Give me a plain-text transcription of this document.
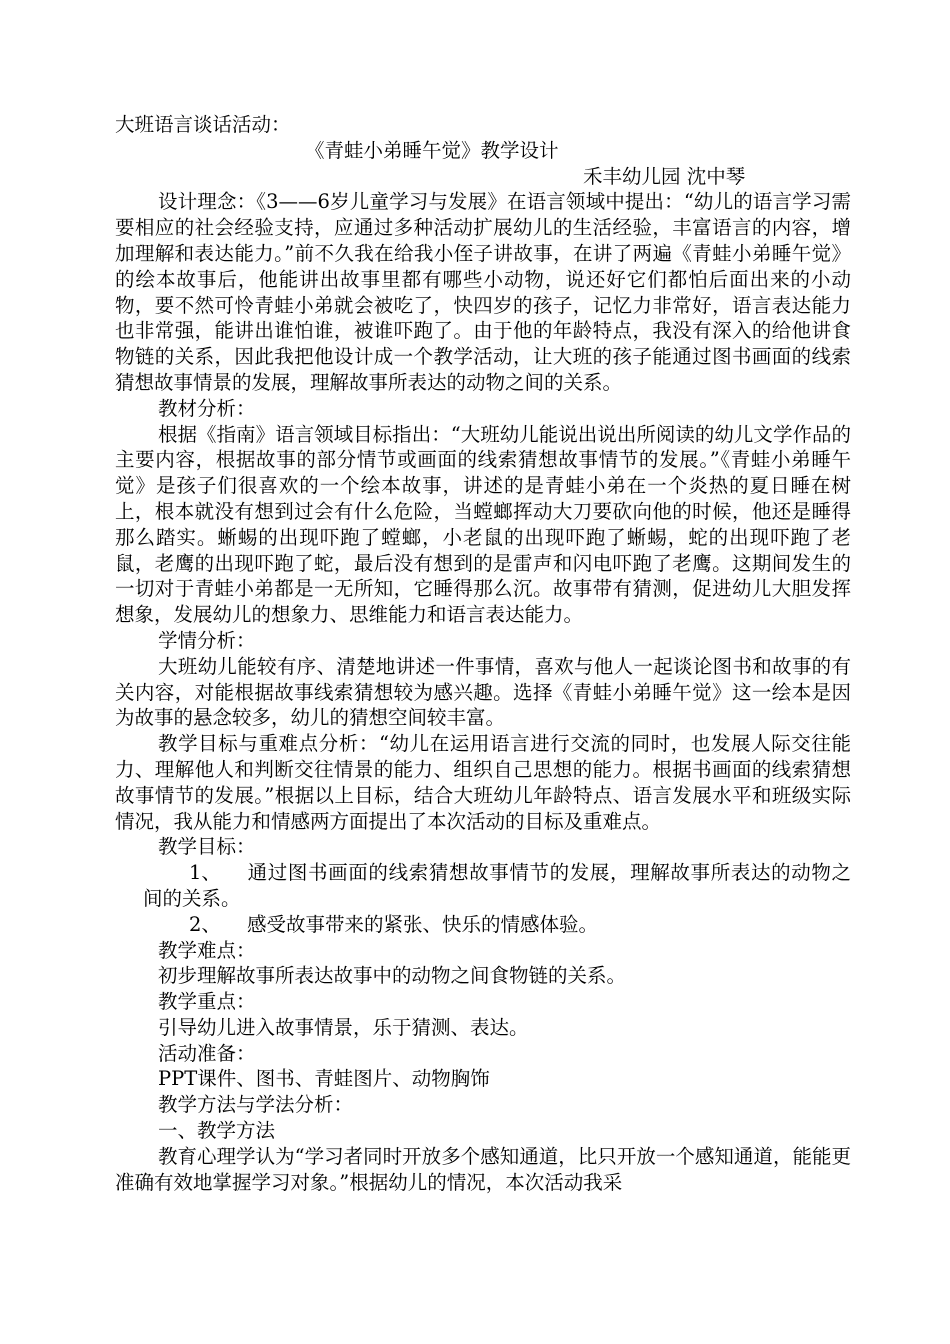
大班语言谈话活动：

《青蛙小弟睡午觉》教学设计

禾丰幼儿园 沈中琴

设计理念：《3——6岁儿童学习与发展》在语言领域中提出：“幼儿的语言学习需要相应的社会经验支持，应通过多种活动扩展幼儿的生活经验，丰富语言的内容，增加理解和表达能力。”前不久我在给我小侄子讲故事，在讲了两遍《青蛙小弟睡午觉》的绘本故事后，他能讲出故事里都有哪些小动物，说还好它们都怕后面出来的小动物，要不然可怜青蛙小弟就会被吃了，快四岁的孩子，记忆力非常好，语言表达能力也非常强，能讲出谁怕谁，被谁吓跑了。由于他的年龄特点，我没有深入的给他讲食物链的关系，因此我把他设计成一个教学活动，让大班的孩子能通过图书画面的线索猜想故事情景的发展，理解故事所表达的动物之间的关系。

教材分析：

根据《指南》语言领域目标指出：“大班幼儿能说出说出所阅读的幼儿文学作品的主要内容，根据故事的部分情节或画面的线索猜想故事情节的发展。”《青蛙小弟睡午觉》是孩子们很喜欢的一个绘本故事，讲述的是青蛙小弟在一个炎热的夏日睡在树上，根本就没有想到过会有什么危险，当螳螂挥动大刀要砍向他的时候，他还是睡得那么踏实。蜥蜴的出现吓跑了螳螂，小老鼠的出现吓跑了蜥蜴，蛇的出现吓跑了老鼠，老鹰的出现吓跑了蛇，最后没有想到的是雷声和闪电吓跑了老鹰。这期间发生的一切对于青蛙小弟都是一无所知，它睡得那么沉。故事带有猜测，促进幼儿大胆发挥想象，发展幼儿的想象力、思维能力和语言表达能力。

学情分析：

大班幼儿能较有序、清楚地讲述一件事情，喜欢与他人一起谈论图书和故事的有关内容，对能根据故事线索猜想较为感兴趣。选择《青蛙小弟睡午觉》这一绘本是因为故事的悬念较多，幼儿的猜想空间较丰富。

教学目标与重难点分析：“幼儿在运用语言进行交流的同时，也发展人际交往能力、理解他人和判断交往情景的能力、组织自己思想的能力。根据书画面的线索猜想故事情节的发展。”根据以上目标，结合大班幼儿年龄特点、语言发展水平和班级实际情况，我从能力和情感两方面提出了本次活动的目标及重难点。

教学目标：

1、 通过图书画面的线索猜想故事情节的发展，理解故事所表达的动物之间的关系。

2、 感受故事带来的紧张、快乐的情感体验。

教学难点：

初步理解故事所表达故事中的动物之间食物链的关系。

教学重点：

引导幼儿进入故事情景，乐于猜测、表达。

活动准备：

PPT课件、图书、青蛙图片、动物胸饰

教学方法与学法分析：

一、教学方法

教育心理学认为“学习者同时开放多个感知通道，比只开放一个感知通道，能能更准确有效地掌握学习对象。”根据幼儿的情况，本次活动我采
